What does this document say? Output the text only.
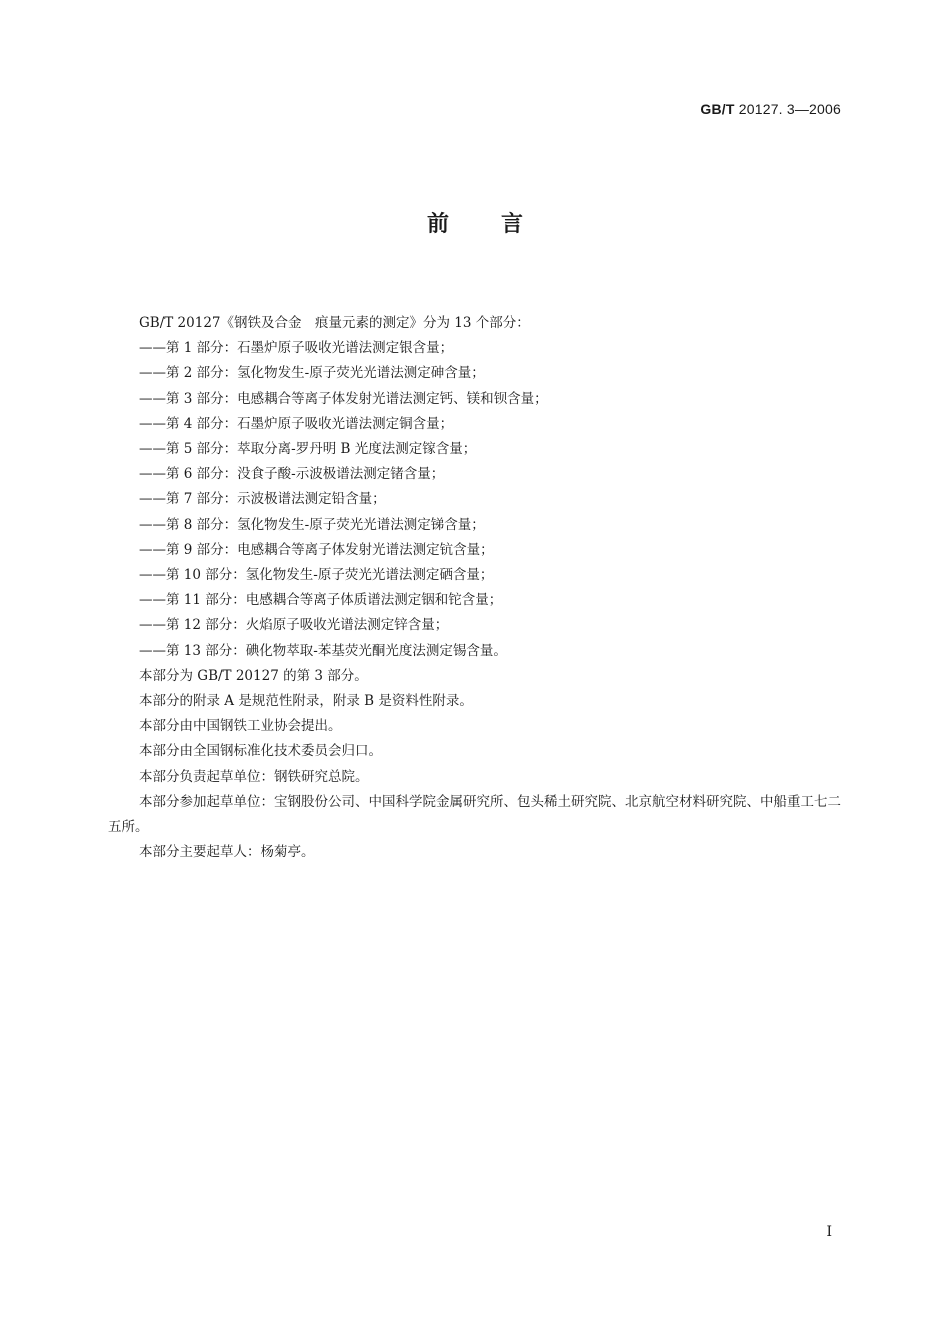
GB/T 20127. 3—2006
前言

GB/T 20127《钢铁及合金　痕量元素的测定》分为 13 个部分：

——第 1 部分：石墨炉原子吸收光谱法测定银含量；

——第 2 部分：氢化物发生-原子荧光光谱法测定砷含量；

——第 3 部分：电感耦合等离子体发射光谱法测定钙、镁和钡含量；

——第 4 部分：石墨炉原子吸收光谱法测定铜含量；

——第 5 部分：萃取分离-罗丹明 B 光度法测定镓含量；

——第 6 部分：没食子酸-示波极谱法测定锗含量；

——第 7 部分：示波极谱法测定铅含量；

——第 8 部分：氢化物发生-原子荧光光谱法测定锑含量；

——第 9 部分：电感耦合等离子体发射光谱法测定钪含量；

——第 10 部分：氢化物发生-原子荧光光谱法测定硒含量；

——第 11 部分：电感耦合等离子体质谱法测定铟和铊含量；

——第 12 部分：火焰原子吸收光谱法测定锌含量；

——第 13 部分：碘化物萃取-苯基荧光酮光度法测定锡含量。

本部分为 GB/T 20127 的第 3 部分。

本部分的附录 A 是规范性附录，附录 B 是资料性附录。

本部分由中国钢铁工业协会提出。

本部分由全国钢标准化技术委员会归口。

本部分负责起草单位：钢铁研究总院。

本部分参加起草单位：宝钢股份公司、中国科学院金属研究所、包头稀土研究院、北京航空材料研究院、中船重工七二五所。

本部分主要起草人：杨菊亭。

I
